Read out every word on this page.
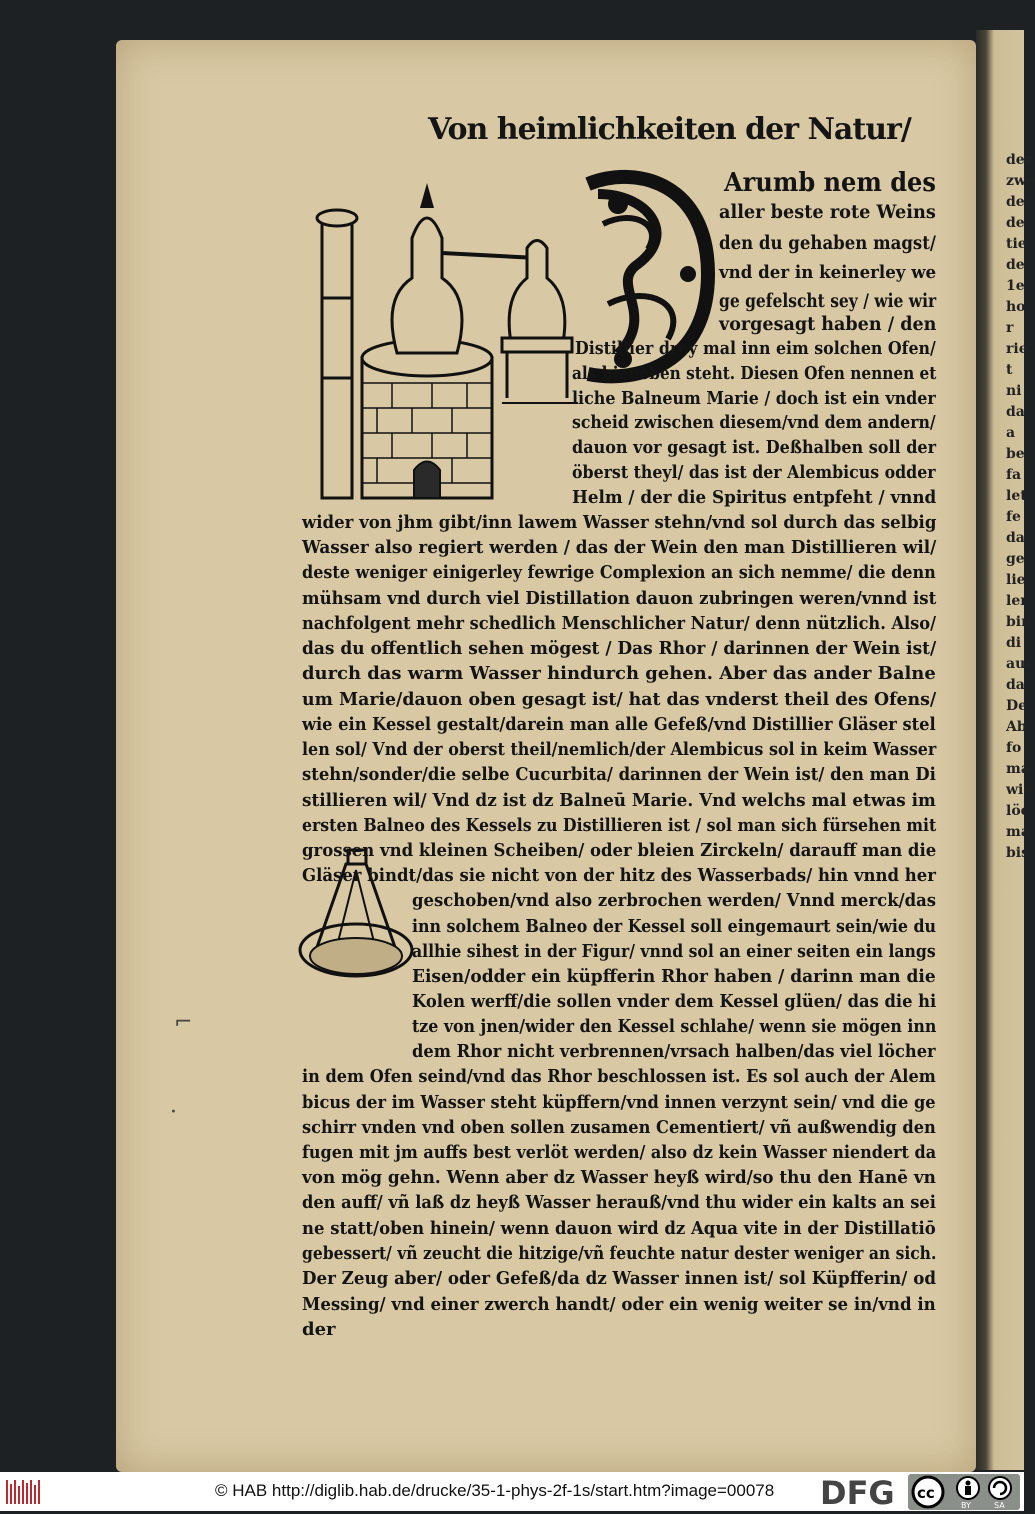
der
zwe
der
de
tie
de
1e
ho
r
rie
t
ni
da
a
be
fa
let
fe
da
ge
lie
ler
bin
di
auf
da
De
Ab
fo
ma
wie
löc
ma
bis
Von heimlichkeiten der Natur/
Arumb nem des
aller beste rote Weins
den du gehaben magst/
vnd der in keinerley we
ge gefelscht sey / wie wir
vorgesagt haben / den
Distillier drey mal inn eim solchen Ofen/
als hieneben steht. Diesen Ofen nennen et
liche Balneum Marie / doch ist ein vnder
scheid zwischen diesem/vnd dem andern/
dauon vor gesagt ist. Deßhalben soll der
öberst theyl/ das ist der Alembicus odder
Helm / der die Spiritus entpfeht / vnnd
wider von jhm gibt/inn lawem Wasser stehn/vnd sol durch das selbig
Wasser also regiert werden / das der Wein den man Distillieren wil/
deste weniger einigerley fewrige Complexion an sich nemme/ die denn
mühsam vnd durch viel Distillation dauon zubringen weren/vnnd ist
nachfolgent mehr schedlich Menschlicher Natur/ denn nützlich. Also/
das du offentlich sehen mögest / Das Rhor / darinnen der Wein ist/
durch das warm Wasser hindurch gehen. Aber das ander Balne
um Marie/dauon oben gesagt ist/ hat das vnderst theil des Ofens/
wie ein Kessel gestalt/darein man alle Gefeß/vnd Distillier Gläser stel
len sol/ Vnd der oberst theil/nemlich/der Alembicus sol in keim Wasser
stehn/sonder/die selbe Cucurbita/ darinnen der Wein ist/ den man Di
stillieren wil/ Vnd dz ist dz Balneū Marie. Vnd welchs mal etwas im
ersten Balneo des Kessels zu Distillieren ist / sol man sich fürsehen mit
grossen vnd kleinen Scheiben/ oder bleien Zirckeln/ darauff man die
Gläser bindt/das sie nicht von der hitz des Wasserbads/ hin vnnd her
geschoben/vnd also zerbrochen werden/ Vnnd merck/das
inn solchem Balneo der Kessel soll eingemaurt sein/wie du
allhie sihest in der Figur/ vnnd sol an einer seiten ein langs
Eisen/odder ein küpfferin Rhor haben / darinn man die
Kolen werff/die sollen vnder dem Kessel glüen/ das die hi
tze von jnen/wider den Kessel schlahe/ wenn sie mögen inn
dem Rhor nicht verbrennen/vrsach halben/das viel löcher
in dem Ofen seind/vnd das Rhor beschlossen ist. Es sol auch der Alem
bicus der im Wasser steht küpffern/vnd innen verzynt sein/ vnd die ge
schirr vnden vnd oben sollen zusamen Cementiert/ vñ außwendig den
fugen mit jm auffs best verlöt werden/ also dz kein Wasser niendert da
von mög gehn. Wenn aber dz Wasser heyß wird/so thu den Hanē vn
den auff/ vñ laß dz heyß Wasser herauß/vnd thu wider ein kalts an sei
ne statt/oben hinein/ wenn dauon wird dz Aqua vite in der Distillatiō
gebessert/ vñ zeucht die hitzige/vñ feuchte natur dester weniger an sich.
Der Zeug aber/ oder Gefeß/da dz Wasser innen ist/ sol Küpfferin/ od
Messing/ vnd einer zwerch handt/ oder ein wenig weiter se in/vnd in
der
⌐
·
© HAB http://diglib.hab.de/drucke/35-1-phys-2f-1s/start.htm?image=00078 DFG cc
BY	SA
